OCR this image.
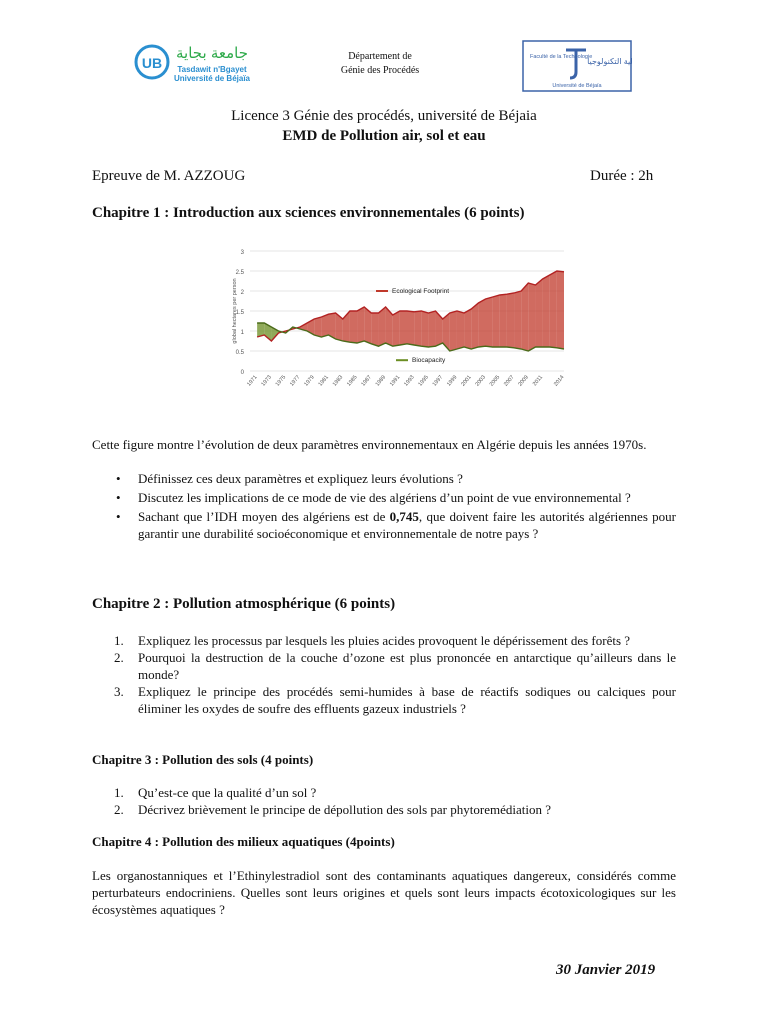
UB
جامعة بجاية
Tasdawit n'Bgayet
Université de Béjaïa
Département de
Génie des Procédés
Faculté de la Technologie
كلية التكنولوجيا
Université de Béjaïa
Licence 3 Génie des procédés, université de Béjaia
EMD de Pollution air, sol et eau
Epreuve de M. AZZOUG	Durée : 2h
Chapitre 1 : Introduction aux sciences environnementales (6 points)
0
0.5
1
1.5
2
2.5
3
global hectares per person
1971 1973 1975 1977 1979 1981 1983 1985 1987 1989 1991 1993 1995 1997 1999 2001 2003 2005 2007 2009 2011 2014
Ecological Footprint
Biocapacity
Cette figure montre l’évolution de deux paramètres environnementaux en Algérie depuis les années 1970s.
• Définissez ces deux paramètres et expliquez leurs évolutions ?
• Discutez les implications de ce mode de vie des algériens d’un point de vue environnemental ?
• Sachant que l’IDH moyen des algériens est de 0,745, que doivent faire les autorités algériennes pour garantir une durabilité socioéconomique et environnementale de notre pays ?
Chapitre 2 : Pollution atmosphérique (6 points)
1. Expliquez les processus par lesquels les pluies acides provoquent le dépérissement des forêts ?
2. Pourquoi la destruction de la couche d’ozone est plus prononcée en antarctique qu’ailleurs dans le monde?
3. Expliquez le principe des procédés semi-humides à base de réactifs sodiques ou calciques pour éliminer les oxydes de soufre des effluents gazeux industriels ?
Chapitre 3 : Pollution des sols (4 points)
1. Qu’est-ce que la qualité d’un sol ?
2. Décrivez brièvement le principe de dépollution des sols par phytoremédiation ?
Chapitre 4 : Pollution des milieux aquatiques (4points)
Les organostanniques et l’Ethinylestradiol sont des contaminants aquatiques dangereux, considérés comme perturbateurs endocriniens. Quelles sont leurs origines et quels sont leurs impacts écotoxicologiques sur les écosystèmes aquatiques ?
30 Janvier 2019
